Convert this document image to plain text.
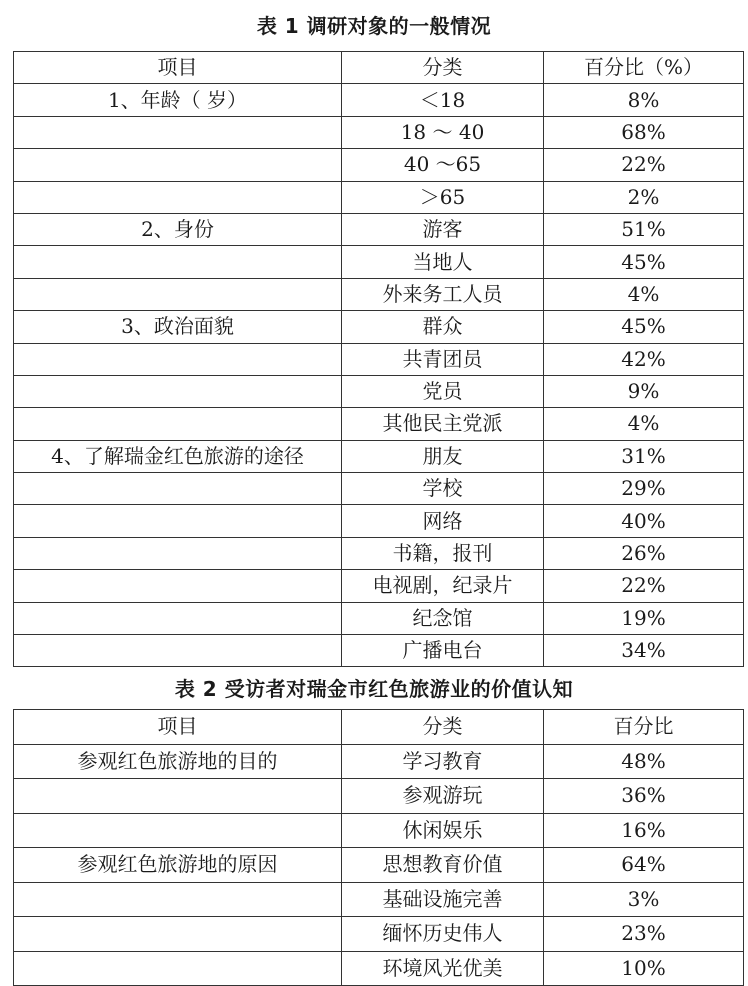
表 1 调研对象的一般情况
项目	分类	百分比（%）
1、年龄（ 岁）	＜18	8%
	18 ～ 40	68%
	40 ～65	22%
	＞65	2%
2、身份	游客	51%
	当地人	45%
	外来务工人员	4%
3、政治面貌	群众	45%
	共青团员	42%
	党员	9%
	其他民主党派	4%
4、了解瑞金红色旅游的途径	朋友	31%
	学校	29%
	网络	40%
	书籍，报刊	26%
	电视剧，纪录片	22%
	纪念馆	19%
	广播电台	34%
表 2 受访者对瑞金市红色旅游业的价值认知
项目	分类	百分比
参观红色旅游地的目的	学习教育	48%
	参观游玩	36%
	休闲娱乐	16%
参观红色旅游地的原因	思想教育价值	64%
	基础设施完善	3%
	缅怀历史伟人	23%
	环境风光优美	10%
